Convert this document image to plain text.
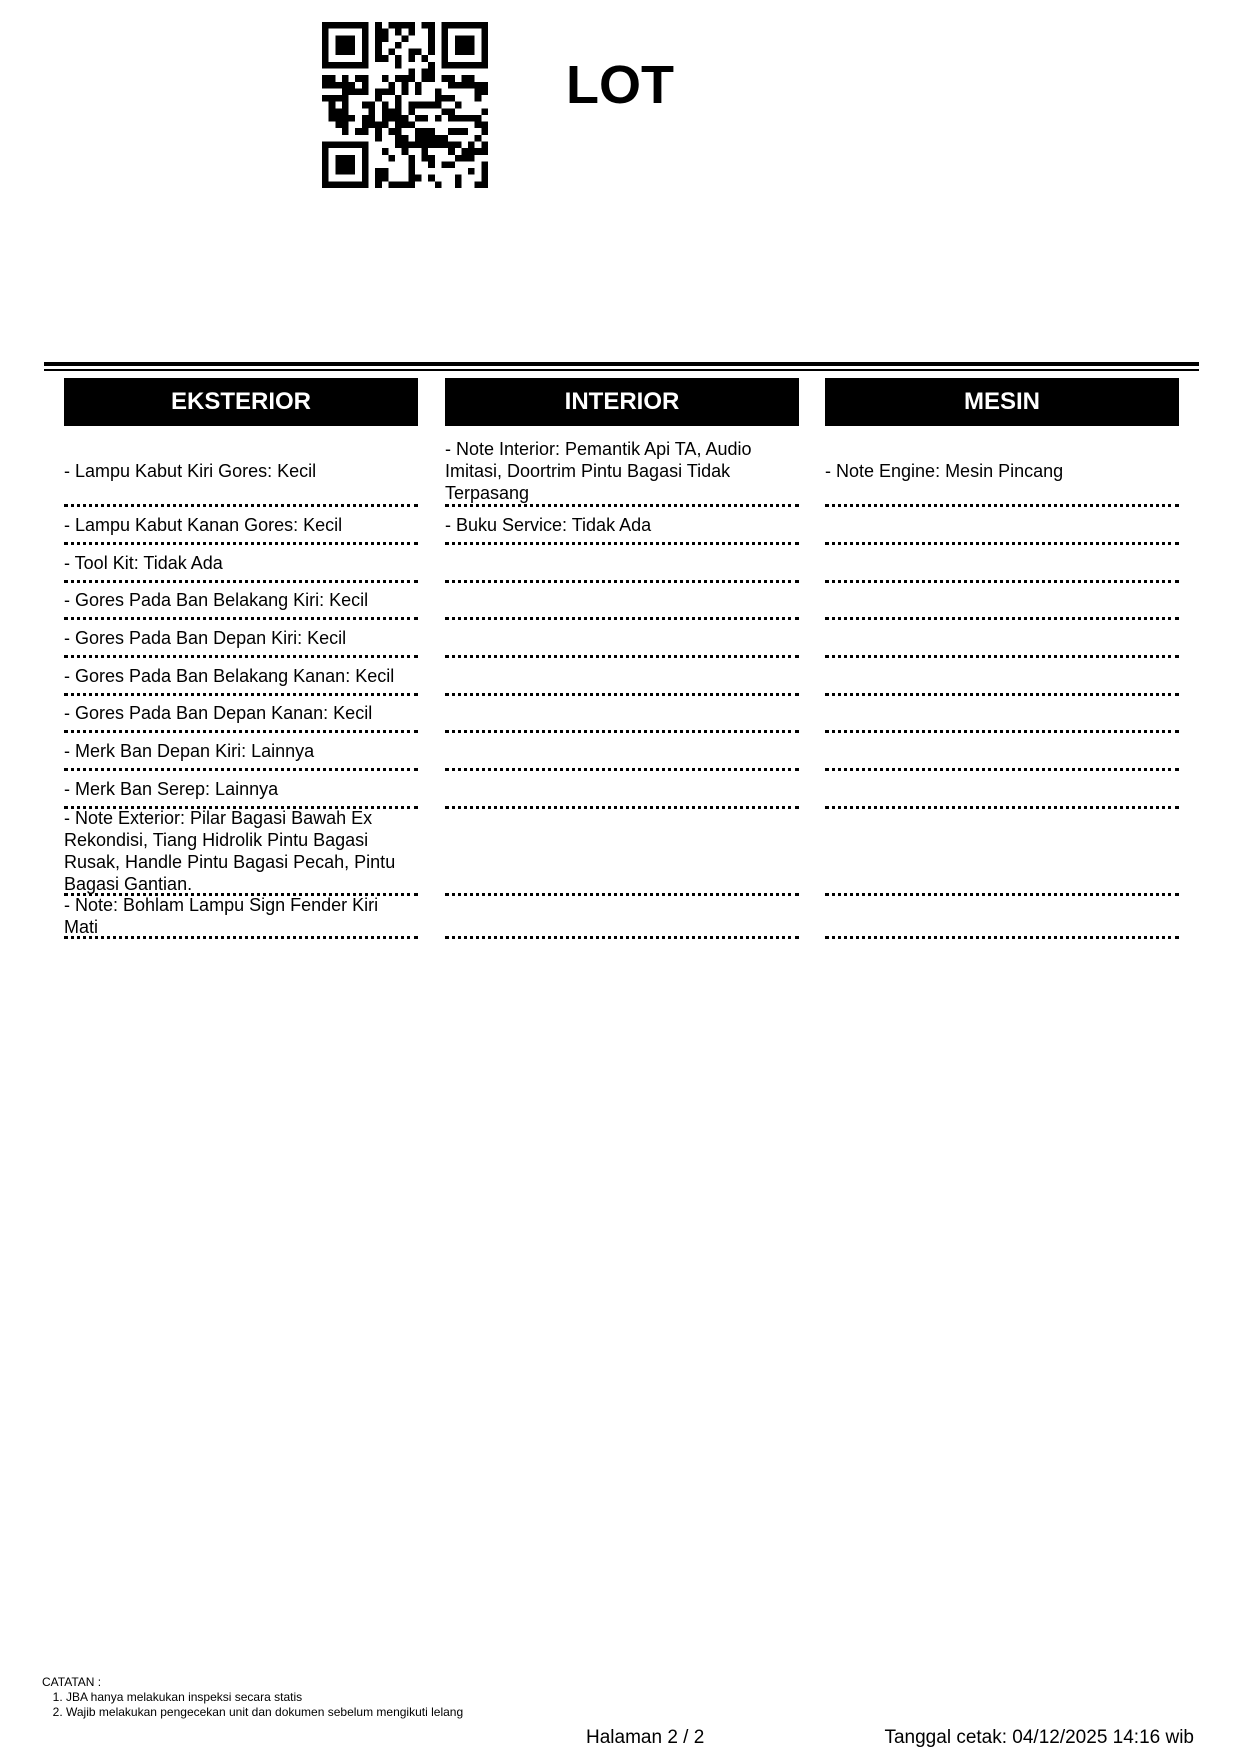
LOT
EKSTERIOR
- Lampu Kabut Kiri Gores: Kecil
- Lampu Kabut Kanan Gores: Kecil
- Tool Kit: Tidak Ada
- Gores Pada Ban Belakang Kiri: Kecil
- Gores Pada Ban Depan Kiri: Kecil
- Gores Pada Ban Belakang Kanan: Kecil
- Gores Pada Ban Depan Kanan: Kecil
- Merk Ban Depan Kiri: Lainnya
- Merk Ban Serep: Lainnya
- Note Exterior: Pilar Bagasi Bawah Ex Rekondisi, Tiang Hidrolik Pintu Bagasi Rusak, Handle Pintu Bagasi Pecah, Pintu Bagasi Gantian.
- Note: Bohlam Lampu Sign Fender Kiri Mati
INTERIOR
- Note Interior: Pemantik Api TA, Audio Imitasi, Doortrim Pintu Bagasi Tidak Terpasang
- Buku Service: Tidak Ada
MESIN
- Note Engine: Mesin Pincang
CATATAN :
1. JBA hanya melakukan inspeksi secara statis
2. Wajib melakukan pengecekan unit dan dokumen sebelum mengikuti lelang
Halaman 2 / 2	Tanggal cetak: 04/12/2025 14:16 wib
